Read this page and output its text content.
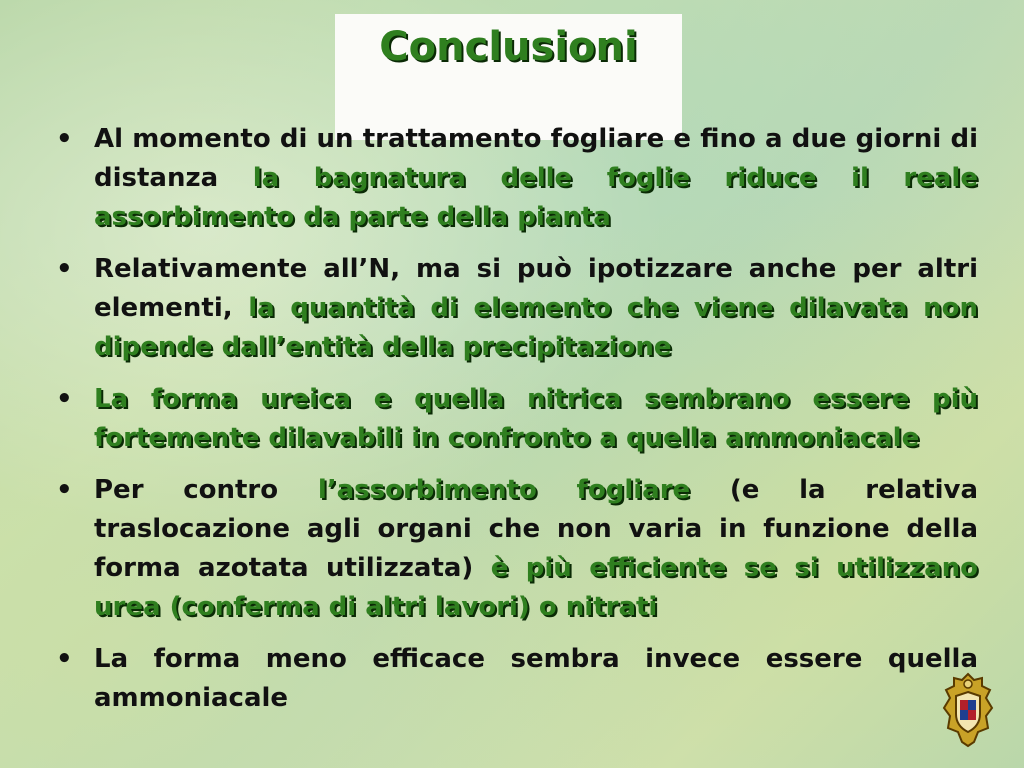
Conclusioni
• Al momento di un trattamento fogliare e fino a due giorni di distanza la bagnatura delle foglie riduce il reale assorbimento da parte della pianta
• Relativamente all’N, ma si può ipotizzare anche per altri elementi, la quantità di elemento che viene dilavata non dipende dall’entità della precipitazione
• La forma ureica e quella nitrica sembrano essere più fortemente dilavabili in confronto a quella ammoniacale
• Per contro l’assorbimento fogliare (e la relativa traslocazione agli organi che non varia in funzione della forma azotata utilizzata) è più efficiente se si utilizzano urea (conferma di altri lavori) o nitrati
• La forma meno efficace sembra invece essere quella ammoniacale
